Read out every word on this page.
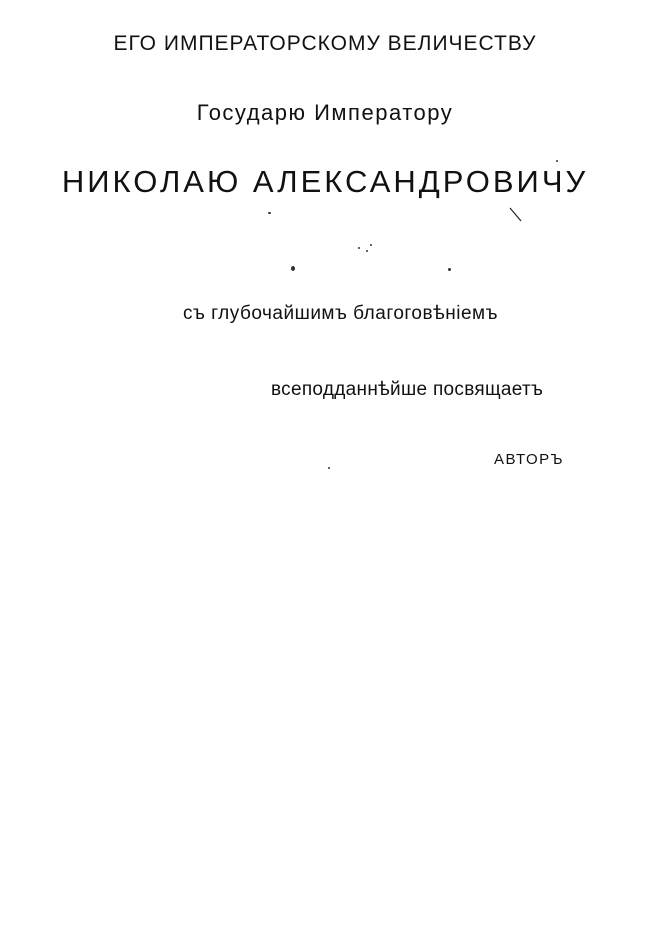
ЕГО ИМПЕРАТОРСКОМУ ВЕЛИЧЕСТВУ
Государю Императору
НИКОЛАЮ АЛЕКСАНДРОВИЧУ
съ глубочайшимъ благоговѣніемъ
всеподданнѣйше посвящаетъ
АВТОРЪ
